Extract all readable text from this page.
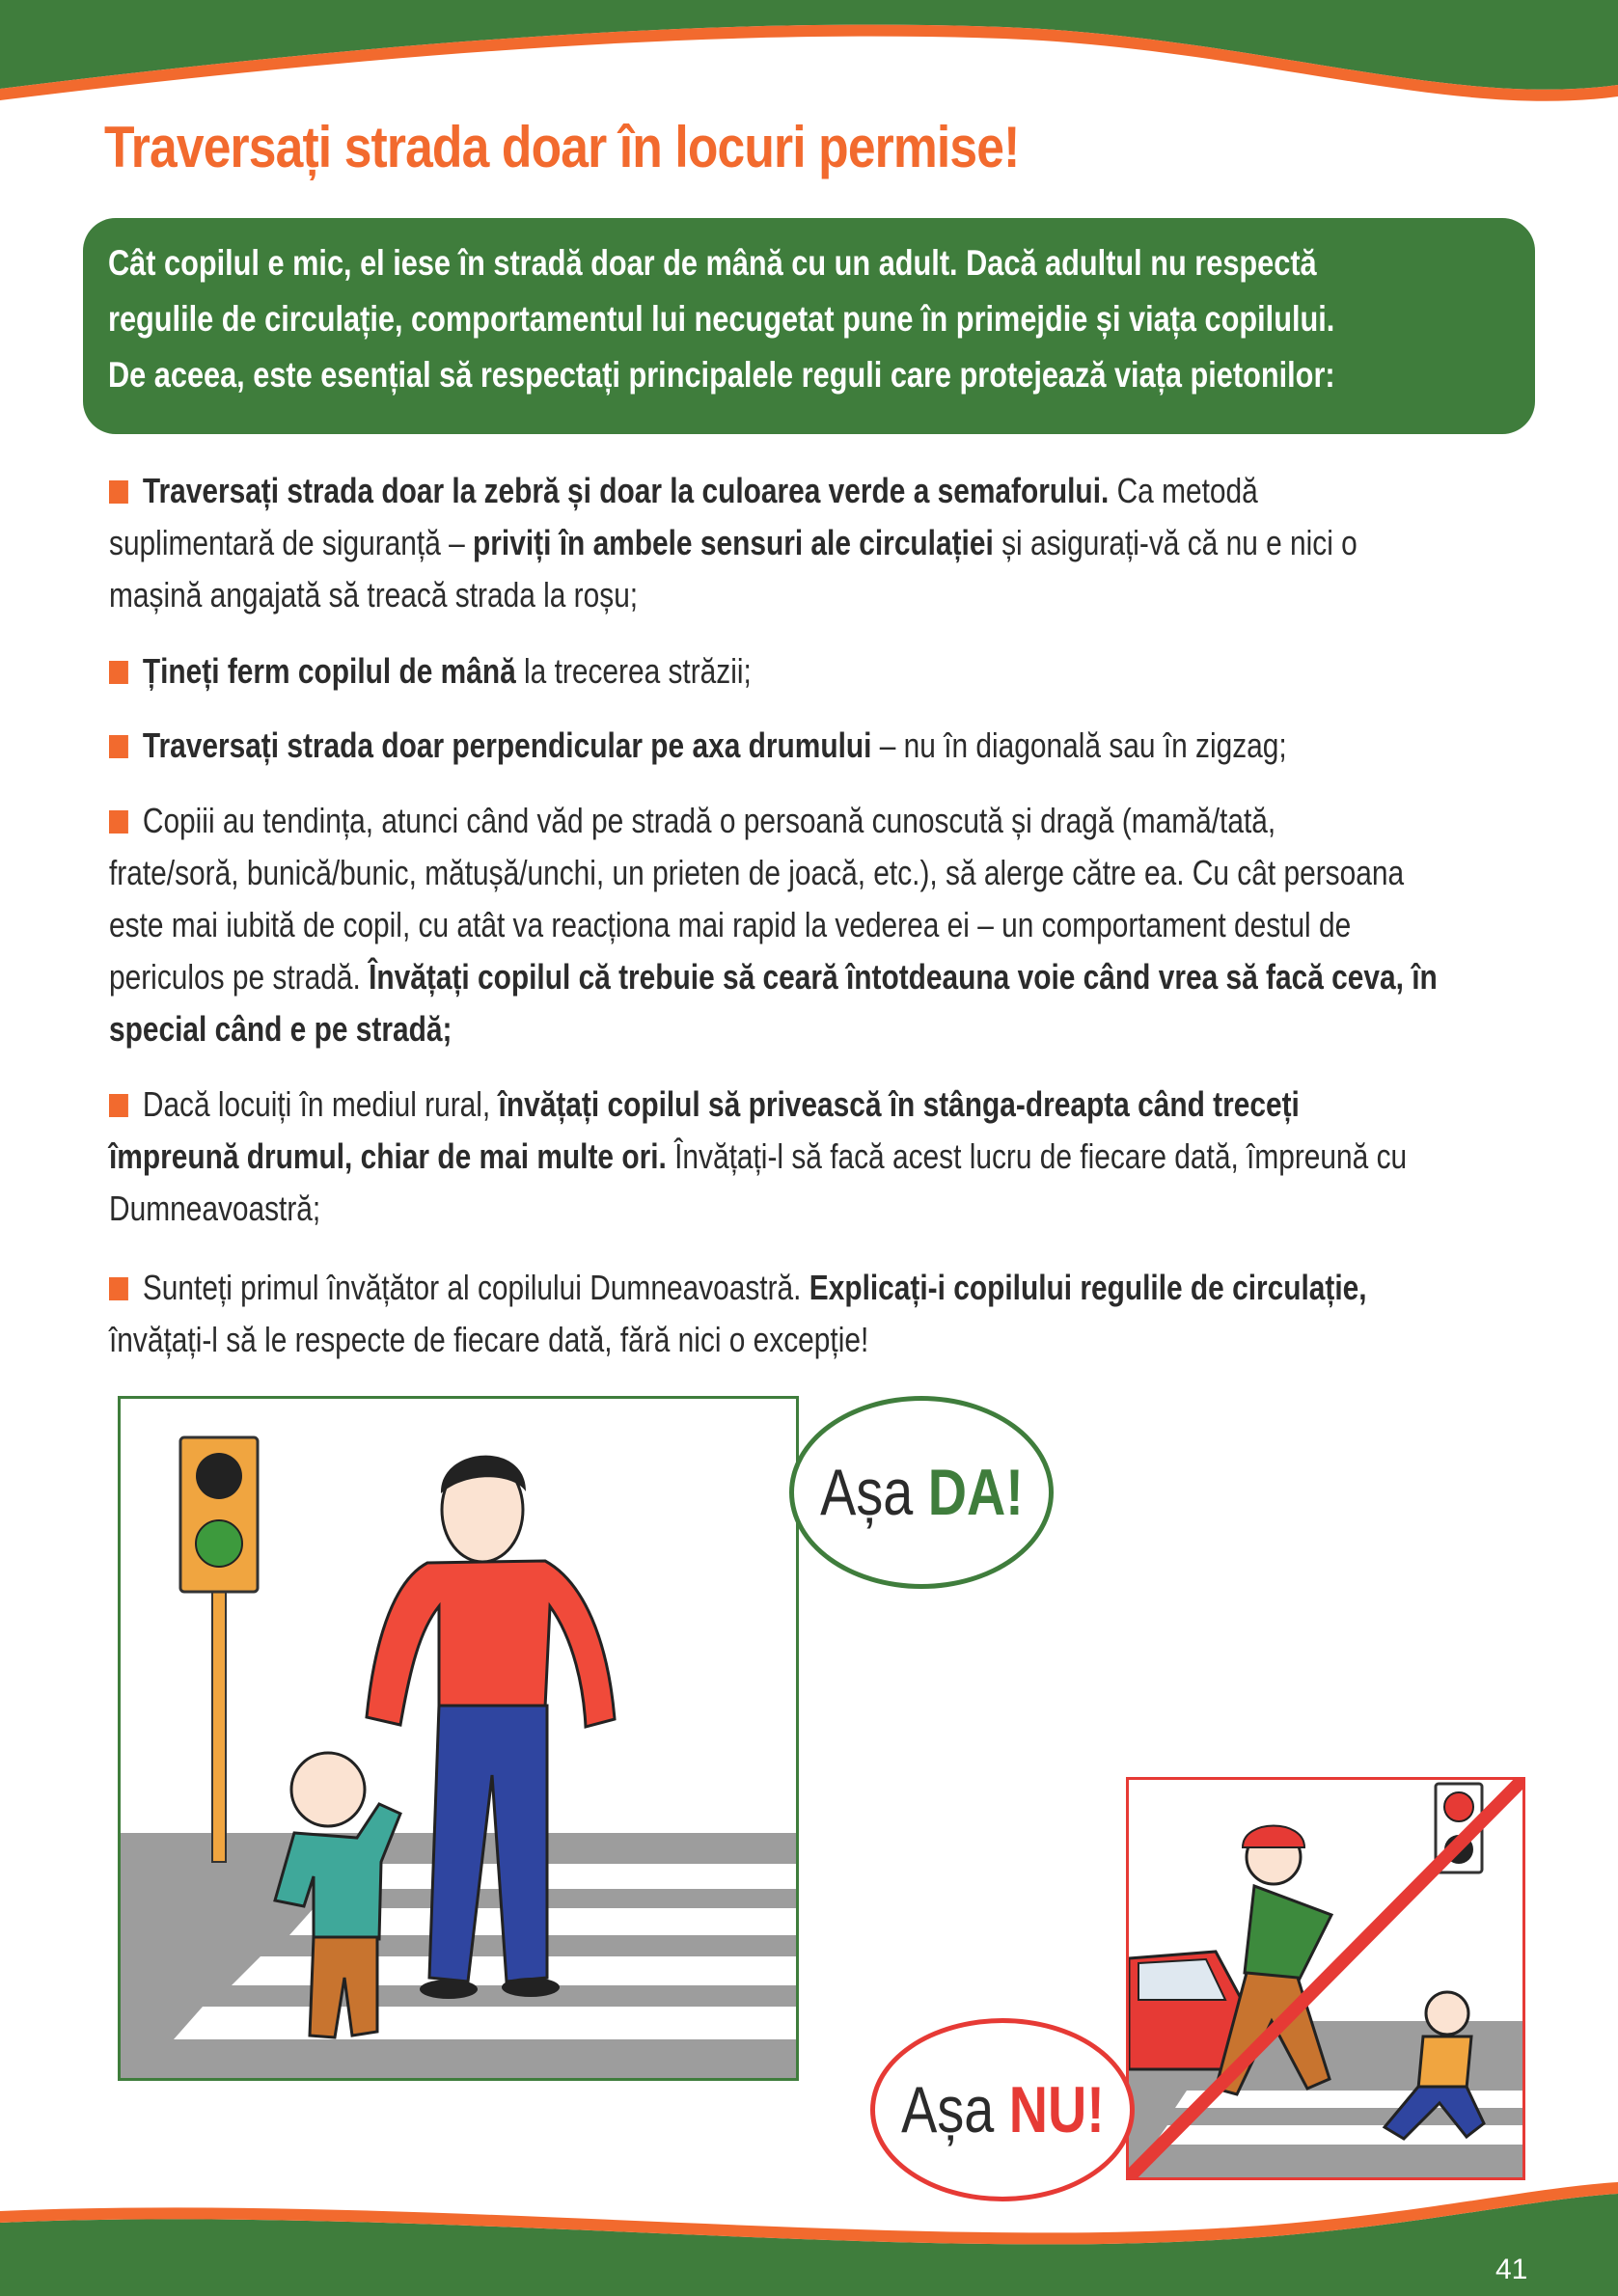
Traversați strada doar în locuri permise!

Cât copilul e mic, el iese în stradă doar de mână cu un adult. Dacă adultul nu respectă

regulile de circulație, comportamentul lui necugetat pune în primejdie și viața copilului.

De aceea, este esențial să respectați principalele reguli care protejează viața pietonilor:

Traversați strada doar la zebră și doar la culoarea verde a semaforului. Ca metodă
suplimentară de siguranță – priviți în ambele sensuri ale circulației și asigurați-vă că nu e nici o
mașină angajată să treacă strada la roșu;

Țineți ferm copilul de mână la trecerea străzii;

Traversați strada doar perpendicular pe axa drumului – nu în diagonală sau în zigzag;

Copiii au tendința, atunci când văd pe stradă o persoană cunoscută și dragă (mamă/tată,
frate/soră, bunică/bunic, mătușă/unchi, un prieten de joacă, etc.), să alerge către ea. Cu cât persoana
este mai iubită de copil, cu atât va reacționa mai rapid la vederea ei – un comportament destul de
periculos pe stradă. Învățați copilul că trebuie să ceară întotdeauna voie când vrea să facă ceva, în
special când e pe stradă;

Dacă locuiți în mediul rural, învățați copilul să privească în stânga-dreapta când treceți
împreună drumul, chiar de mai multe ori. Învățați-l să facă acest lucru de fiecare dată, împreună cu
Dumneavoastră;

Sunteți primul învățător al copilului Dumneavoastră. Explicați-i copilului regulile de circulație,
învățați-l să le respecte de fiecare dată, fără nici o excepție!

Așa DA!
Așa NU!
41
